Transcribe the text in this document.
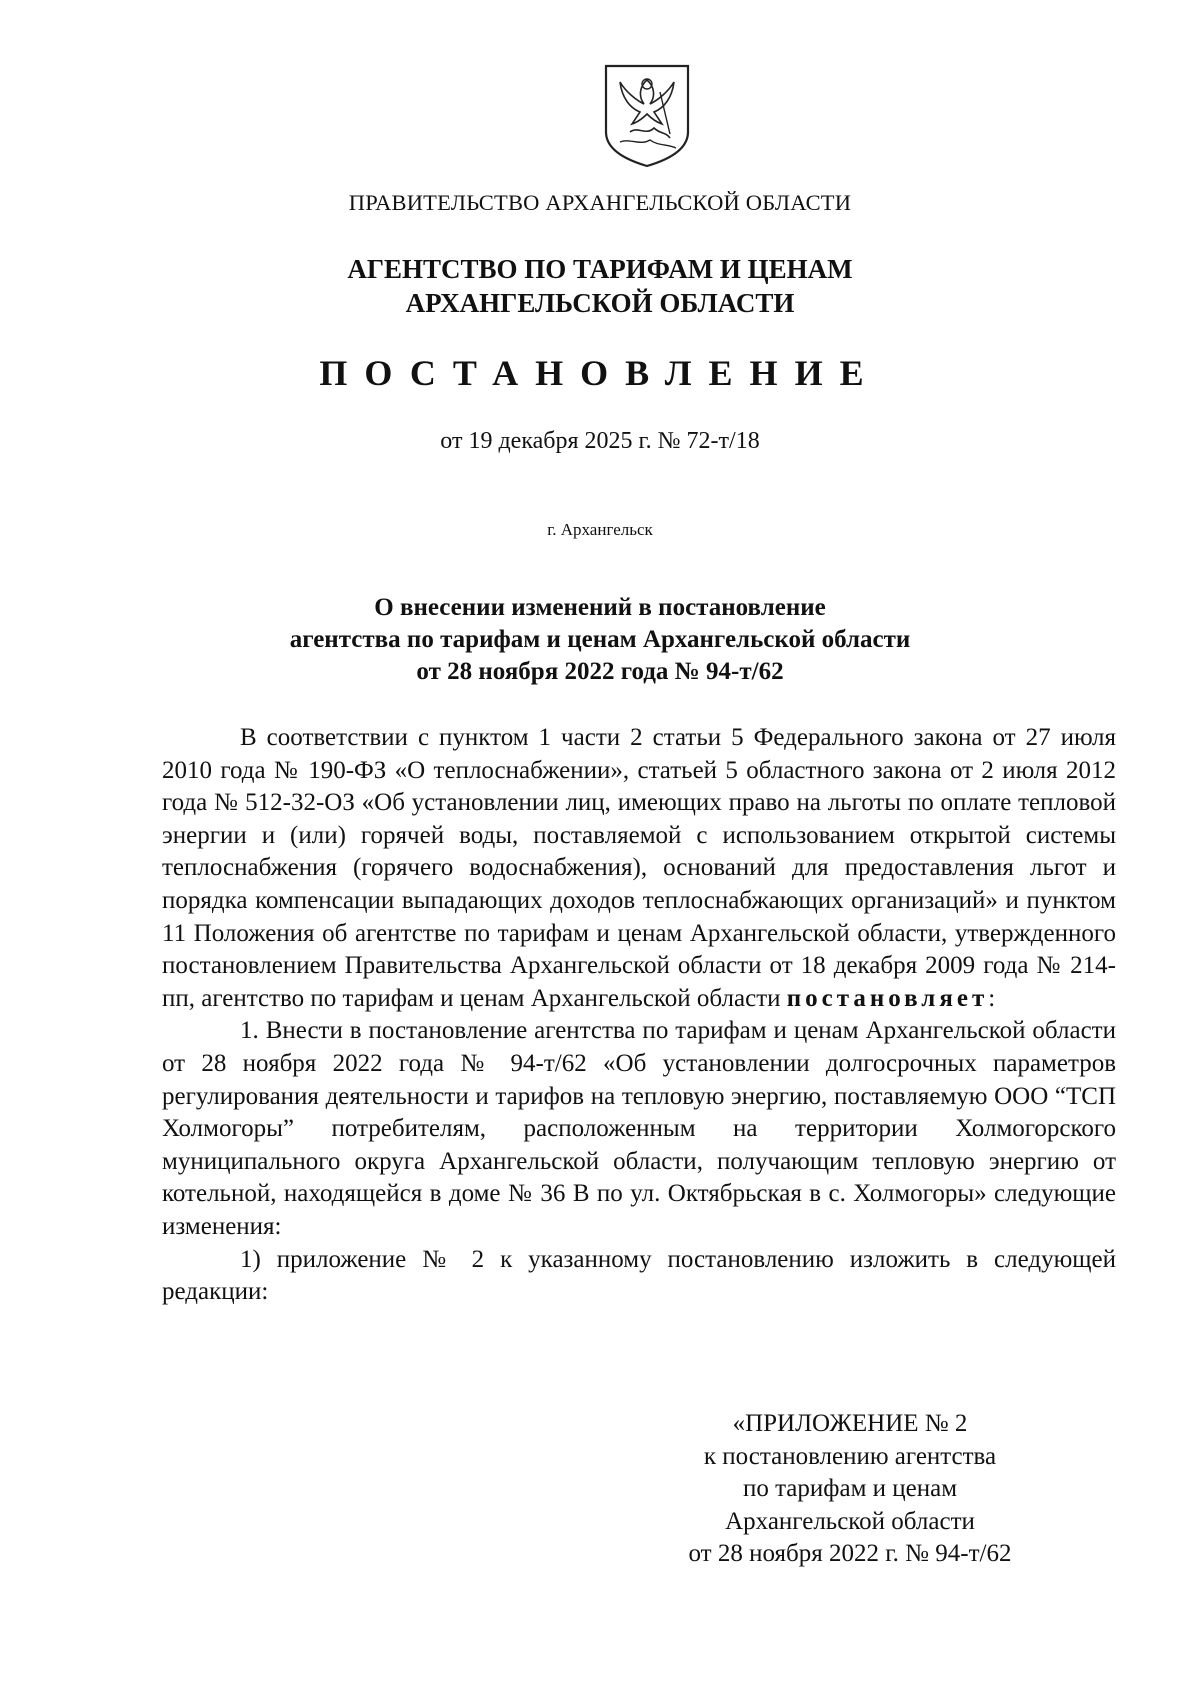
ПРАВИТЕЛЬСТВО АРХАНГЕЛЬСКОЙ ОБЛАСТИ
АГЕНТСТВО ПО ТАРИФАМ И ЦЕНАМ
АРХАНГЕЛЬСКОЙ ОБЛАСТИ
ПОСТАНОВЛЕНИЕ
от 19 декабря 2025 г. № 72-т/18
г. Архангельск
О внесении изменений в постановление
агентства по тарифам и ценам Архангельской области
от 28 ноября 2022 года № 94-т/62

В соответствии с пунктом 1 части 2 статьи 5 Федерального закона от 27 июля 2010 года № 190-ФЗ «О теплоснабжении», статьей 5 областного закона от 2 июля 2012 года № 512-32-ОЗ «Об установлении лиц, имеющих право на льготы по оплате тепловой энергии и (или) горячей воды, поставляемой с использованием открытой системы теплоснабжения (горячего водоснабжения), оснований для предоставления льгот и порядка компенсации выпадающих доходов теплоснабжающих организаций» и пунктом 11 Положения об агентстве по тарифам и ценам Архангельской области, утвержденного постановлением Правительства Архангельской области от 18 декабря 2009 года № 214-пп, агентство по тарифам и ценам Архангельской области постановляет:

1. Внести в постановление агентства по тарифам и ценам Архангельской области от 28 ноября 2022 года № 94-т/62 «Об установлении долгосрочных параметров регулирования деятельности и тарифов на тепловую энергию, поставляемую ООО “ТСП Холмогоры” потребителям, расположенным на территории Холмогорского муниципального округа Архангельской области, получающим тепловую энергию от котельной, находящейся в доме № 36 В по ул. Октябрьская в с. Холмогоры» следующие изменения:

1) приложение № 2 к указанному постановлению изложить в следующей редакции:

«ПРИЛОЖЕНИЕ № 2
к постановлению агентства
по тарифам и ценам
Архангельской области
от 28 ноября 2022 г. № 94-т/62
